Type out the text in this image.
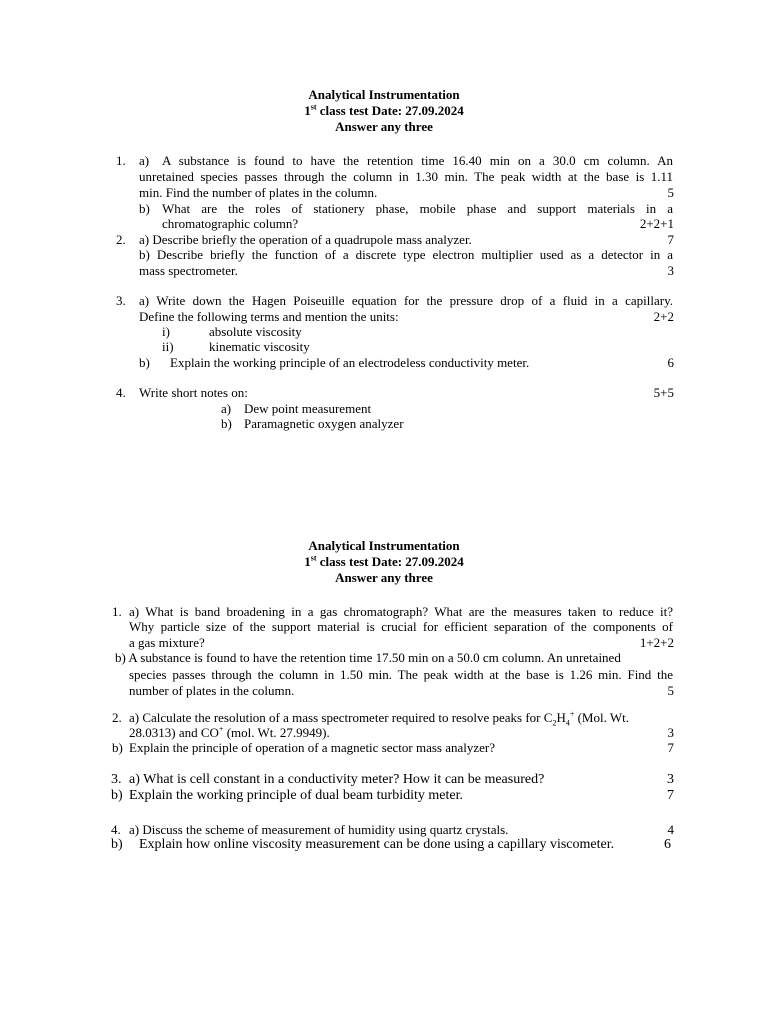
Analytical Instrumentation
1st class test Date: 27.09.2024
Answer any three
1. a) A substance is found to have the retention time 16.40 min on a 30.0 cm column. An
unretained species passes through the column in 1.30 min. The peak width at the base is 1.11
min. Find the number of plates in the column.	5
b) What are the roles of stationery phase, mobile phase and support materials in a
chromatographic column?	2+2+1
2. a) Describe briefly the operation of a quadrupole mass analyzer.	7
b) Describe briefly the function of a discrete type electron multiplier used as a detector in a
mass spectrometer.	3
3. a) Write down the Hagen Poiseuille equation for the pressure drop of a fluid in a capillary.
Define the following terms and mention the units:	2+2
i)	absolute viscosity
ii)	kinematic viscosity
b) Explain the working principle of an electrodeless conductivity meter.	6
4. Write short notes on:	5+5
a) Dew point measurement
b) Paramagnetic oxygen analyzer
Analytical Instrumentation
1st class test Date: 27.09.2024
Answer any three
1. a) What is band broadening in a gas chromatograph? What are the measures taken to reduce it?
Why particle size of the support material is crucial for efficient separation of the components of
a gas mixture?	1+2+2
b) A substance is found to have the retention time 17.50 min on a 50.0 cm column. An unretained
species passes through the column in 1.50 min. The peak width at the base is 1.26 min. Find the
number of plates in the column.	5
2. a) Calculate the resolution of a mass spectrometer required to resolve peaks for $C_2H_4^+$ (Mol. Wt.
28.0313) and CO+ (mol. Wt. 27.9949).	3
b) Explain the principle of operation of a magnetic sector mass analyzer?	7
3. a) What is cell constant in a conductivity meter? How it can be measured?	3
b) Explain the working principle of dual beam turbidity meter.	7
4. a) Discuss the scheme of measurement of humidity using quartz crystals.	4
b) Explain how online viscosity measurement can be done using a capillary viscometer.	6
